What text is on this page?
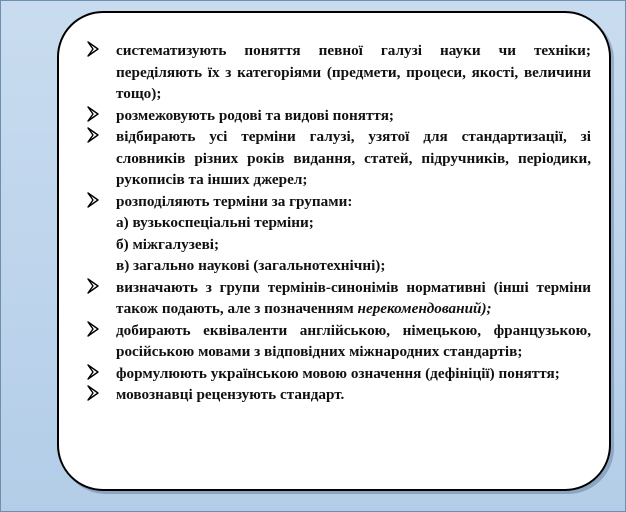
систематизують поняття певної галузі науки чи техніки; переділяють їх з категоріями (предмети, процеси, якості, величини тощо);
розмежовують родові та видові поняття;
відбирають усі терміни галузі, узятої для стандартизації, зі словників різних років видання, статей, підручників, періодики, рукописів та інших джерел;
розподіляють терміни за групами:
а) вузькоспеціальні терміни;
б) міжгалузеві;
в) загально наукові (загальнотехнічні);
визначають з групи термінів-синонімів нормативні (інші терміни також подають, але з позначенням нерекомендований);
добирають еквіваленти англійською, німецькою, французькою, російською мовами з відповідних міжнародних стандартів;
формулюють українською мовою означення (дефініції) поняття;
мовознавці рецензують стандарт.
